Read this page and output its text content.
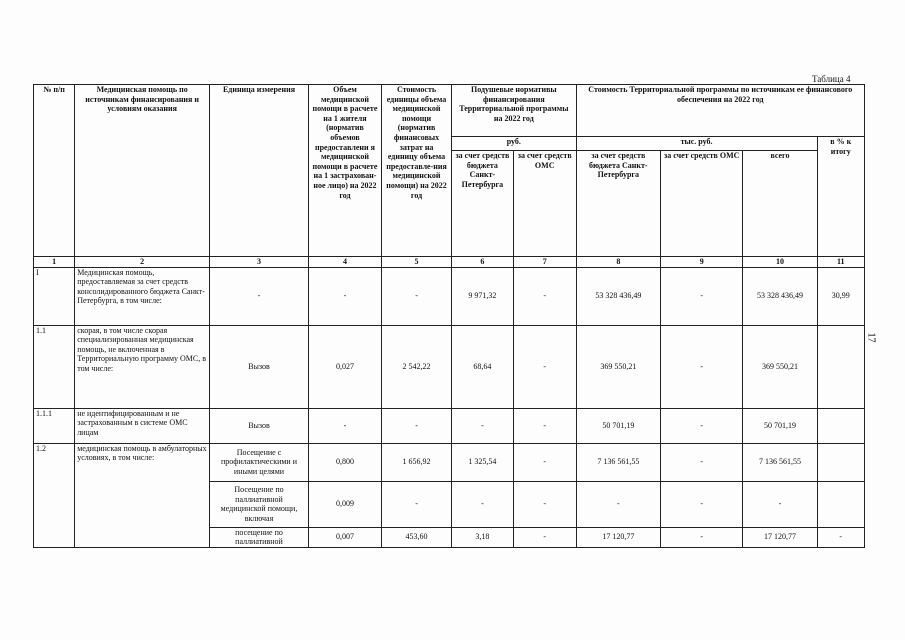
Таблица 4
17
№ п/п	Медицинская помощь по источникам финансирования и условиям оказания	Единица измерения	Объем медицинской помощи в расчете на 1 жителя (норматив объемов предоставлени я медицинской помощи в расчете на 1 застрахован-ное лицо) на 2022 год	Стоимость единицы объема медицинской помощи (норматив финансовых затрат на единицу объема предоставле-ния медицинской помощи) на 2022 год	Подушевые нормативы финансирования Территориальной программы на 2022 год		Стоимость Территориальной программы по источникам ее финансового обеспечения на 2022 год			
					руб.		тыс. руб.			в % к итогу
					за счет средств бюджета Санкт-Петербурга	за счет средств ОМС	за счет средств бюджета Санкт-Петербурга	за счет средств ОМС	всего	
1	2	3	4	5	6	7	8	9	10	11
I	Медицинская помощь, предоставляемая за счет средств консолидированного бюджета Санкт-Петербурга, в том числе:	-	-	-	9 971,32	-	53 328 436,49	-	53 328 436,49	30,99
1.1	скорая, в том числе скорая специализированная медицинская помощь, не включенная в Территориальную программу ОМС, в том числе:	Вызов	0,027	2 542,22	68,64	-	369 550,21	-	369 550,21	
1.1.1	не идентифицированным и не застрахованным в системе ОМС лицам	Вызов	-	-	-	-	50 701,19	-	50 701,19	
1.2	медицинская помощь в амбулаторных условиях, в том числе:	Посещение с профилактическими и иными целями	0,800	1 656,92	1 325,54	-	7 136 561,55	-	7 136 561,55	
		Посещение по паллиативной медицинской помощи, включая	0,009	-	-	-	-	-	-	
		посещение по паллиативной	0,007	453,60	3,18	-	17 120,77	-	17 120,77	-
